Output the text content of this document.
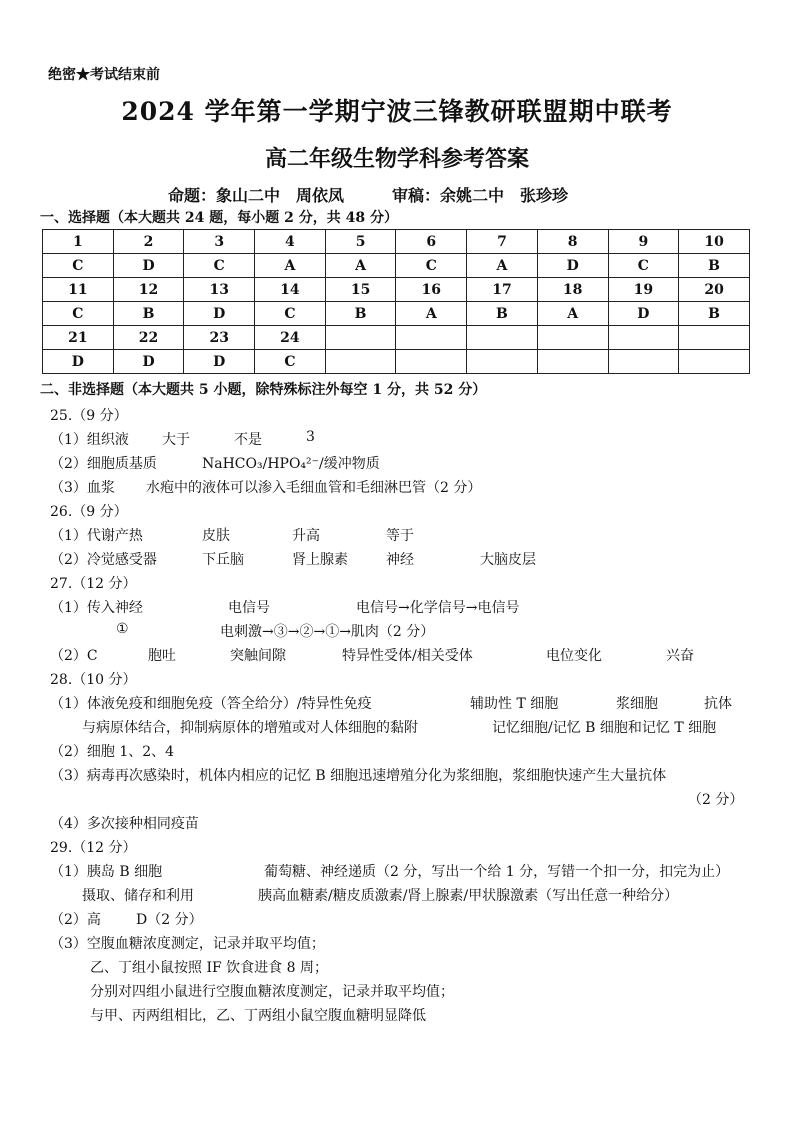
绝密★考试结束前
2024 学年第一学期宁波三锋教研联盟期中联考
高二年级生物学科参考答案
命题：象山二中　周依凤　　　审稿：余姚二中　张珍珍
一、选择题（本大题共 24 题，每小题 2 分，共 48 分）
1	2	3	4	5	6	7	8	9	10
C	D	C	A	A	C	A	D	C	B
11	12	13	14	15	16	17	18	19	20
C	B	D	C	B	A	B	A	D	B
21	22	23	24						
D	D	D	C						
二、非选择题（本大题共 5 小题，除特殊标注外每空 1 分，共 52 分）
25.（9 分）
（1）组织液 大于	不是	3
（2）细胞质基质	NaHCO₃/HPO₄²⁻/缓冲物质
（3）血浆 水疱中的液体可以渗入毛细血管和毛细淋巴管（2 分）
26.（9 分）
（1）代谢产热	皮肤	升高	等于
（2）冷觉感受器	下丘脑	肾上腺素	神经	大脑皮层
27.（12 分）
（1）传入神经	电信号	电信号→化学信号→电信号
①	电刺激→③→②→①→肌肉（2 分）
（2）C	胞吐	突触间隙	特异性受体/相关受体	电位变化	兴奋
28.（10 分）
（1）体液免疫和细胞免疫（答全给分）/特异性免疫	辅助性 T 细胞	浆细胞	抗体
与病原体结合，抑制病原体的增殖或对人体细胞的黏附	记忆细胞/记忆 B 细胞和记忆 T 细胞
（2）细胞 1、2、4
（3）病毒再次感染时，机体内相应的记忆 B 细胞迅速增殖分化为浆细胞，浆细胞快速产生大量抗体
（2 分）
（4）多次接种相同疫苗
29.（12 分）
（1）胰岛 B 细胞	葡萄糖、神经递质（2 分，写出一个给 1 分，写错一个扣一分，扣完为止）
摄取、储存和利用	胰高血糖素/糖皮质激素/肾上腺素/甲状腺激素（写出任意一种给分）
（2）高	D（2 分）
（3）空腹血糖浓度测定，记录并取平均值；
乙、丁组小鼠按照 IF 饮食进食 8 周；
分别对四组小鼠进行空腹血糖浓度测定，记录并取平均值；
与甲、丙两组相比，乙、丁两组小鼠空腹血糖明显降低
